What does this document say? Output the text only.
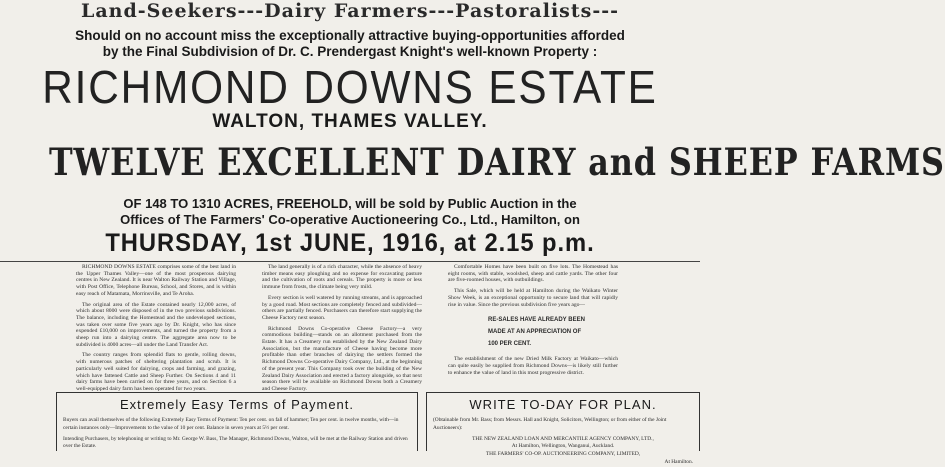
Land-Seekers---Dairy Farmers---Pastoralists---
Should on no account miss the exceptionally attractive buying-opportunities afforded
by the Final Subdivision of Dr. C. Prendergast Knight's well-known Property :
RICHMOND DOWNS ESTATE
WALTON, THAMES VALLEY.
TWELVE EXCELLENT DAIRY and SHEEP FARMS
OF 148 TO 1310 ACRES, FREEHOLD, will be sold by Public Auction in the
Offices of The Farmers' Co-operative Auctioneering Co., Ltd., Hamilton, on
THURSDAY, 1st JUNE, 1916, at 2.15 p.m.

RICHMOND DOWNS ESTATE comprises some of the best land in the Upper Thames Valley—one of the most prosperous dairying centres in New Zealand. It is near Walton Railway Station and Village, with Post Office, Telephone Bureau, School, and Stores, and is within easy reach of Matamata, Morrinsville, and Te Aroha.

The original area of the Estate contained nearly 12,000 acres, of which about 8000 were disposed of in the two previous subdivisions. The balance, including the Homestead and the undeveloped sections, was taken over some five years ago by Dr. Knight, who has since expended £10,000 on improvements, and turned the property from a sheep run into a dairying centre. The aggregate area now to be subdivided is 4000 acres—all under the Land Transfer Act.

The country ranges from splendid flats to gentle, rolling downs, with numerous patches of sheltering plantation and scrub. It is particularly well suited for dairying, crops and farming, and grazing, which have fattened Cattle and Sheep Further. On Sections 4 and 11 dairy farms have been carried on for three years, and on Section 6 a well-equipped dairy farm has been operated for two years.

The land generally is of a rich character, while the absence of heavy timber means easy ploughing and no expense for excavating pasture and the cultivation of roots and cereals. The property is more or less immune from frosts, the climate being very mild.

Every section is well watered by running streams, and is approached by a good road. Most sections are completely fenced and subdivided—others are partially fenced. Purchasers can therefore start supplying the Cheese Factory next season.

Richmond Downs Co-operative Cheese Factory—a very commodious building—stands on an allotment purchased from the Estate. It has a Creamery run established by the New Zealand Dairy Association, but the manufacture of Cheese having become more profitable than other branches of dairying the settlers formed the Richmond Downs Co-operative Dairy Company, Ltd., at the beginning of the present year. This Company took over the building of the New Zealand Dairy Association and erected a factory alongside, so that next season there will be available on Richmond Downs both a Creamery and Cheese Factory.

Comfortable Homes have been built on five lots. The Homestead has eight rooms, with stable, woolshed, sheep and cattle yards. The other four are five-roomed houses, with outbuildings.

This Sale, which will be held at Hamilton during the Waikato Winter Show Week, is an exceptional opportunity to secure land that will rapidly rise in value. Since the previous subdivision five years ago—

RE-SALES HAVE ALREADY BEEN
MADE AT AN APPRECIATION OF
100 PER CENT.

The establishment of the new Dried Milk Factory at Waikato—which can quite easily be supplied from Richmond Downs—is likely still further to enhance the value of land in this most progressive district.

Extremely Easy Terms of Payment.

Buyers can avail themselves of the following Extremely Easy Terms of Payment: Ten per cent. on fall of hammer; Ten per cent. in twelve months, with—in certain instances only—Improvements to the value of 10 per cent. Balance in seven years at 5½ per cent.

Intending Purchasers, by telephoning or writing to Mr. George W. Bass, The Manager, Richmond Downs, Walton, will be met at the Railway Station and driven over the Estate.

WRITE TO-DAY FOR PLAN.

(Obtainable from Mr. Bass; from Messrs. Hall and Knight, Solicitors, Wellington; or from either of the Joint Auctioneers):

THE NEW ZEALAND LOAN AND MERCANTILE AGENCY COMPANY, LTD.,
At Hamilton, Wellington, Wanganui, Auckland.
THE FARMERS' CO-OP. AUCTIONEERING COMPANY, LIMITED,
At Hamilton.
